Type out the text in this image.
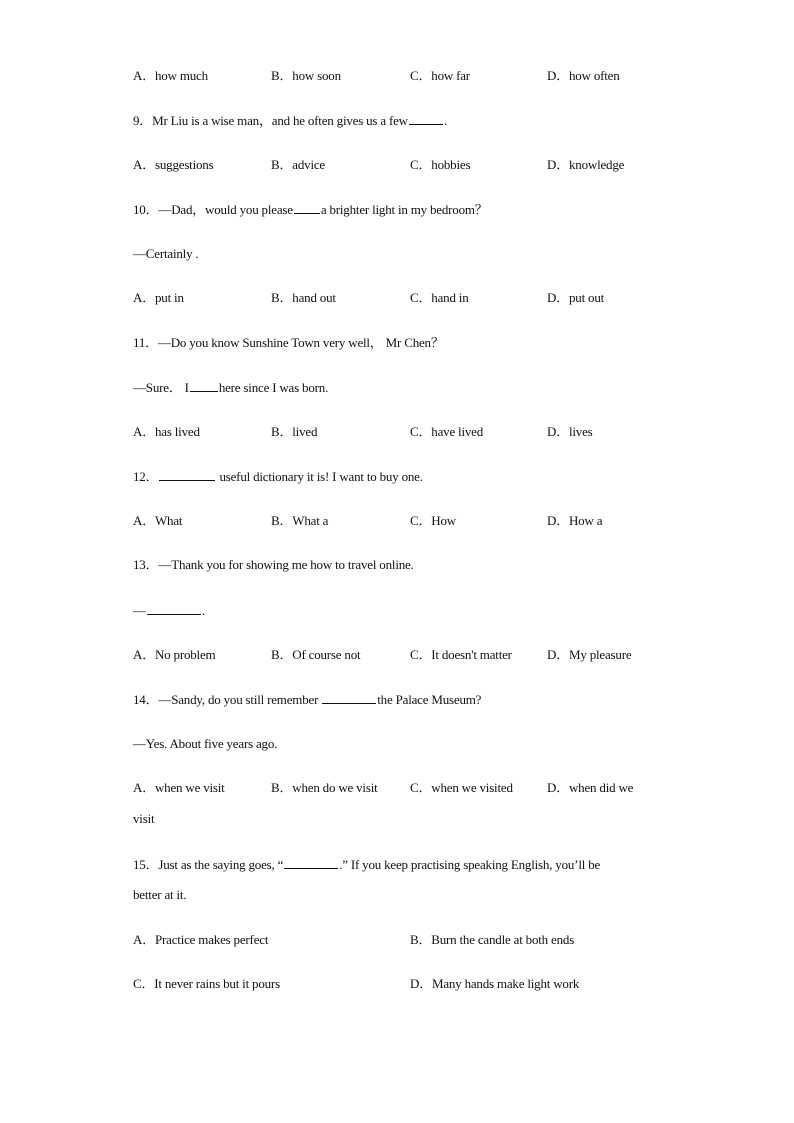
A．how much	B．how soon	C．how far	D．how often
9．Mr Liu is a wise man，and he often gives us a few	.
A．suggestions	B．advice	C．hobbies	D．knowledge
10．—Dad，would you please a brighter light in my bedroom？
—Certainly .
A．put in	B．hand out	C．hand in	D．put out
11．—Do you know Sunshine Town very well， Mr Chen？
—Sure． I here since I was born.
A．has lived	B．lived	C．have lived	D．lives
12．	useful dictionary it is! I want to buy one.
A．What	B．What a	C．How	D．How a
13．—Thank you for showing me how to travel online.
—	.
A．No problem	B．Of course not	C．It doesn't matter	D．My pleasure
14．—Sandy, do you still remember	the Palace Museum?
—Yes. About five years ago.
A．when we visit	B．when do we visit C．when we visited	D．when did we
visit
15．Just as the saying goes, “	.” If you keep practising speaking English, you’ll be
better at it.
A．Practice makes perfect	B．Burn the candle at both ends
C．It never rains but it pours	D．Many hands make light work
